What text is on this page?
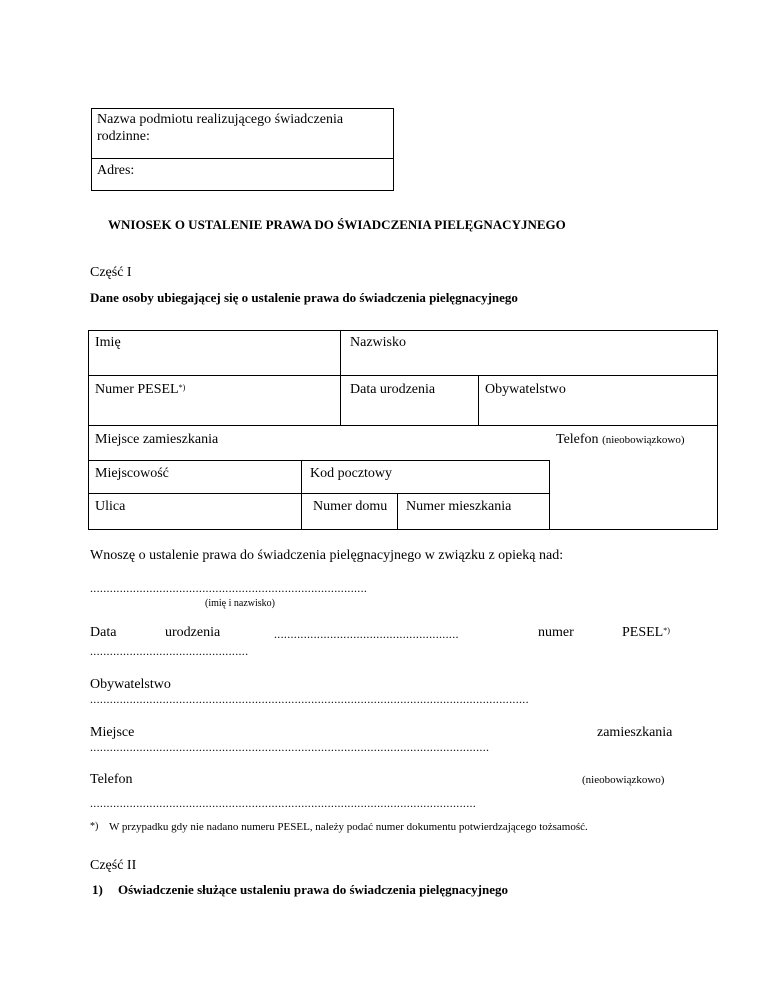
Nazwa podmiotu realizującego świadczenia rodzinne:
Adres:
WNIOSEK O USTALENIE PRAWA DO ŚWIADCZENIA PIELĘGNACYJNEGO
Część I
Dane osoby ubiegającej się o ustalenie prawa do świadczenia pielęgnacyjnego
Imię	Nazwisko
Numer PESEL*)	Data urodzenia	Obywatelstwo
Miejsce zamieszkania	Telefon (nieobowiązkowo)
Miejscowość	Kod pocztowy
Ulica	Numer domu Numer mieszkania
Wnoszę o ustalenie prawa do świadczenia pielęgnacyjnego w związku z opieką nad:
....................................................................................
(imię i nazwisko)
Data	urodzenia	........................................................	numer	PESEL*)
................................................
Obywatelstwo
.....................................................................................................................................
Miejsce	zamieszkania
.........................................................................................................................
Telefon	(nieobowiązkowo)
.....................................................................................................................
*) W przypadku gdy nie nadano numeru PESEL, należy podać numer dokumentu potwierdzającego tożsamość.
Część II
1) Oświadczenie służące ustaleniu prawa do świadczenia pielęgnacyjnego
